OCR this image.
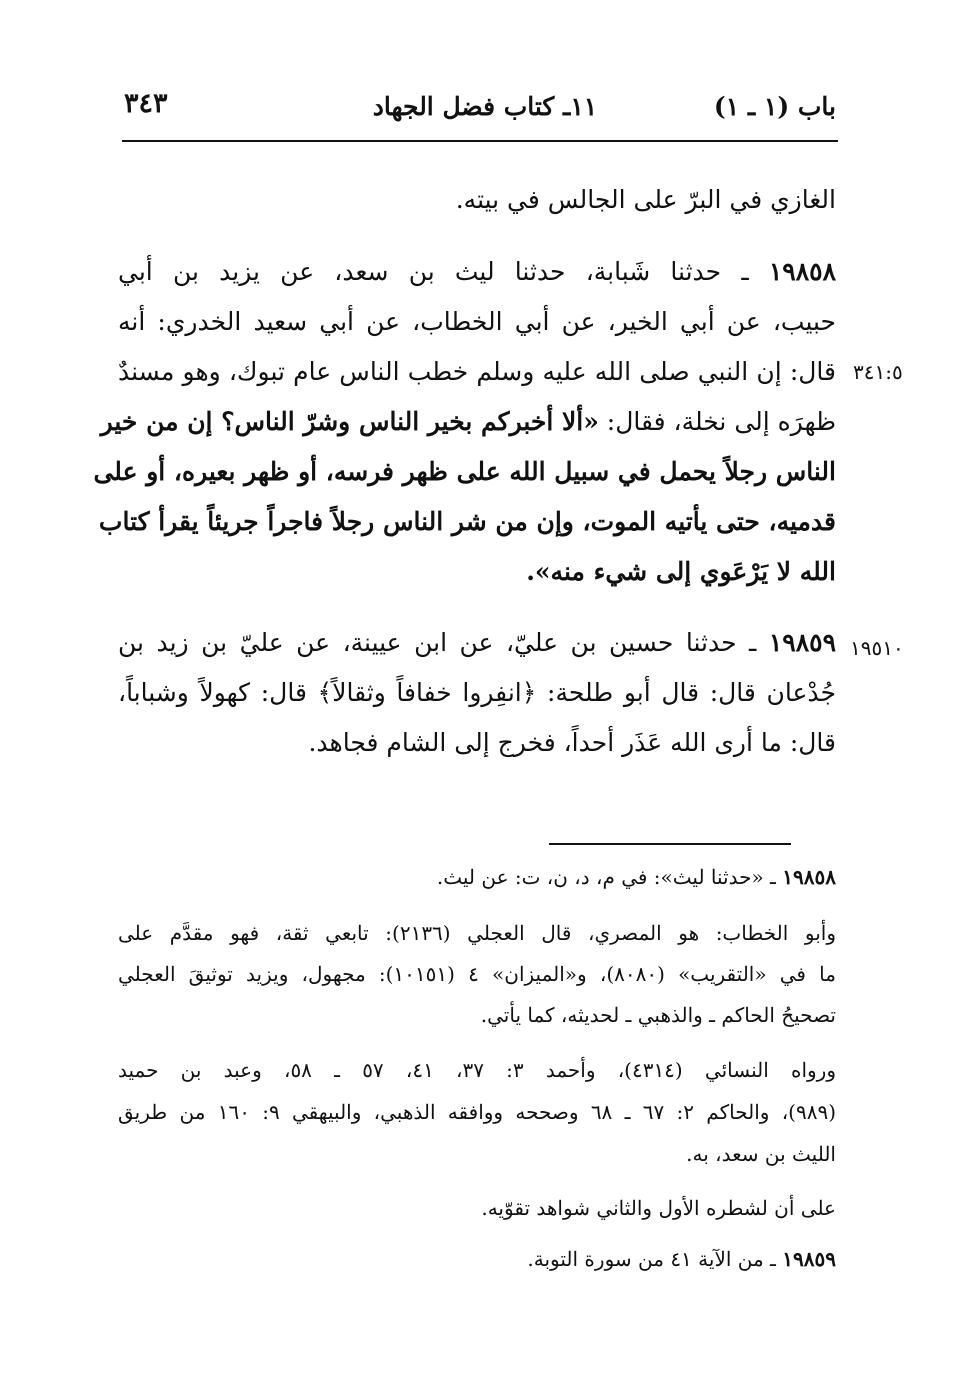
باب (١ ـ ١)
١١ـ كتاب فضل الجهاد
٣٤٣
الغازي في البرّ على الجالس في بيته.
١٩٨٥٨ ـ حدثنا شَبابة، حدثنا ليث بن سعد، عن يزيد بن أبي
حبيب، عن أبي الخير، عن أبي الخطاب، عن أبي سعيد الخدري: أنه
٣٤١:٥
قال: إن النبي صلى الله عليه وسلم خطب الناس عام تبوك، وهو مسندٌ
ظهرَه إلى نخلة، فقال: «ألا أخبركم بخير الناس وشرّ الناس؟ إن من خير
الناس رجلاً يحمل في سبيل الله على ظهر فرسه، أو ظهر بعيره، أو على
قدميه، حتى يأتيه الموت، وإن من شر الناس رجلاً فاجراً جريئاً يقرأ كتاب
الله لا يَرْعَوي إلى شيء منه».
١٩٥١٠
١٩٨٥٩ ـ حدثنا حسين بن عليّ، عن ابن عيينة، عن عليّ بن زيد بن
جُدْعان قال: قال أبو طلحة: ﴿انفِروا خفافاً وثقالاً﴾ قال: كهولاً وشباباً،
قال: ما أرى الله عَذَر أحداً، فخرج إلى الشام فجاهد.
١٩٨٥٨ ـ «حدثنا ليث»: في م، د، ن، ت: عن ليث.
وأبو الخطاب: هو المصري، قال العجلي (٢١٣٦): تابعي ثقة، فهو مقدَّم على
ما في «التقريب» (٨٠٨٠)، و«الميزان» ٤ (١٠١٥١): مجهول، ويزيد توثيقَ العجلي
تصحيحُ الحاكم ـ والذهبي ـ لحديثه، كما يأتي.
ورواه النسائي (٤٣١٤)، وأحمد ٣: ٣٧، ٤١، ٥٧ ـ ٥٨، وعبد بن حميد
(٩٨٩)، والحاكم ٢: ٦٧ ـ ٦٨ وصححه ووافقه الذهبي، والبيهقي ٩: ١٦٠ من طريق
الليث بن سعد، به.
على أن لشطره الأول والثاني شواهد تقوّيه.
١٩٨٥٩ ـ من الآية ٤١ من سورة التوبة.
